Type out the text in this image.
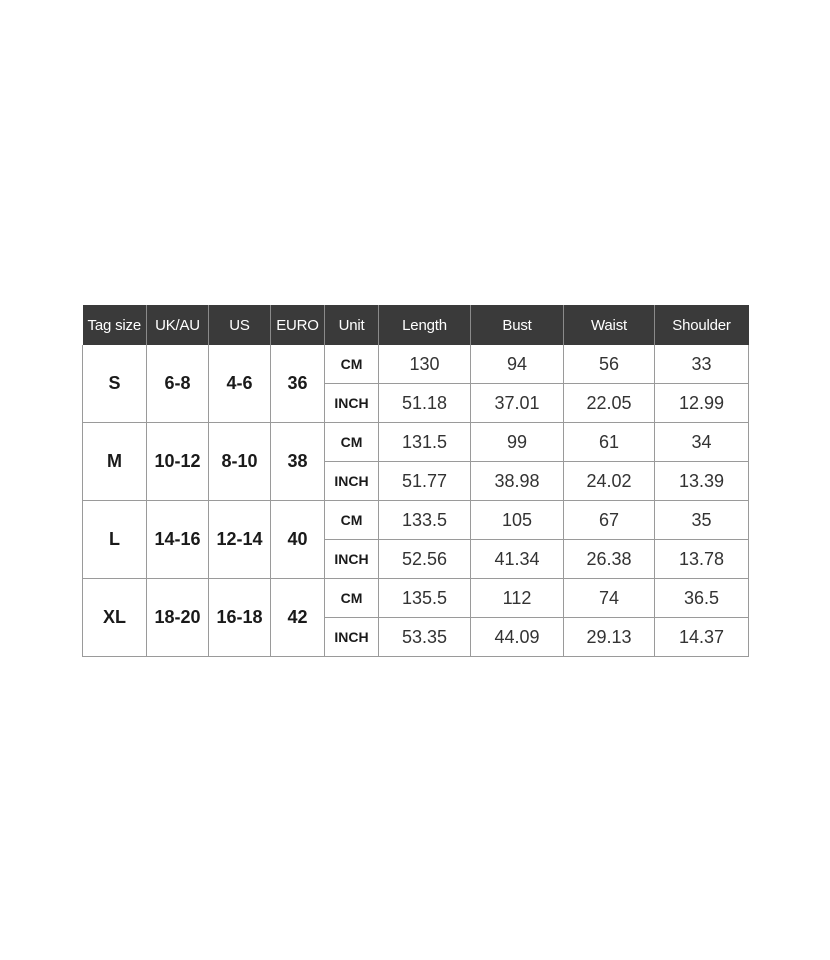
Tag size	UK/AU	US	EURO	Unit	Length	Bust	Waist	Shoulder
S	6-8	4-6	36	CM	130	94	56	33
				INCH	51.18	37.01	22.05	12.99
M	10-12	8-10	38	CM	131.5	99	61	34
				INCH	51.77	38.98	24.02	13.39
L	14-16	12-14	40	CM	133.5	105	67	35
				INCH	52.56	41.34	26.38	13.78
XL	18-20	16-18	42	CM	135.5	112	74	36.5
				INCH	53.35	44.09	29.13	14.37
